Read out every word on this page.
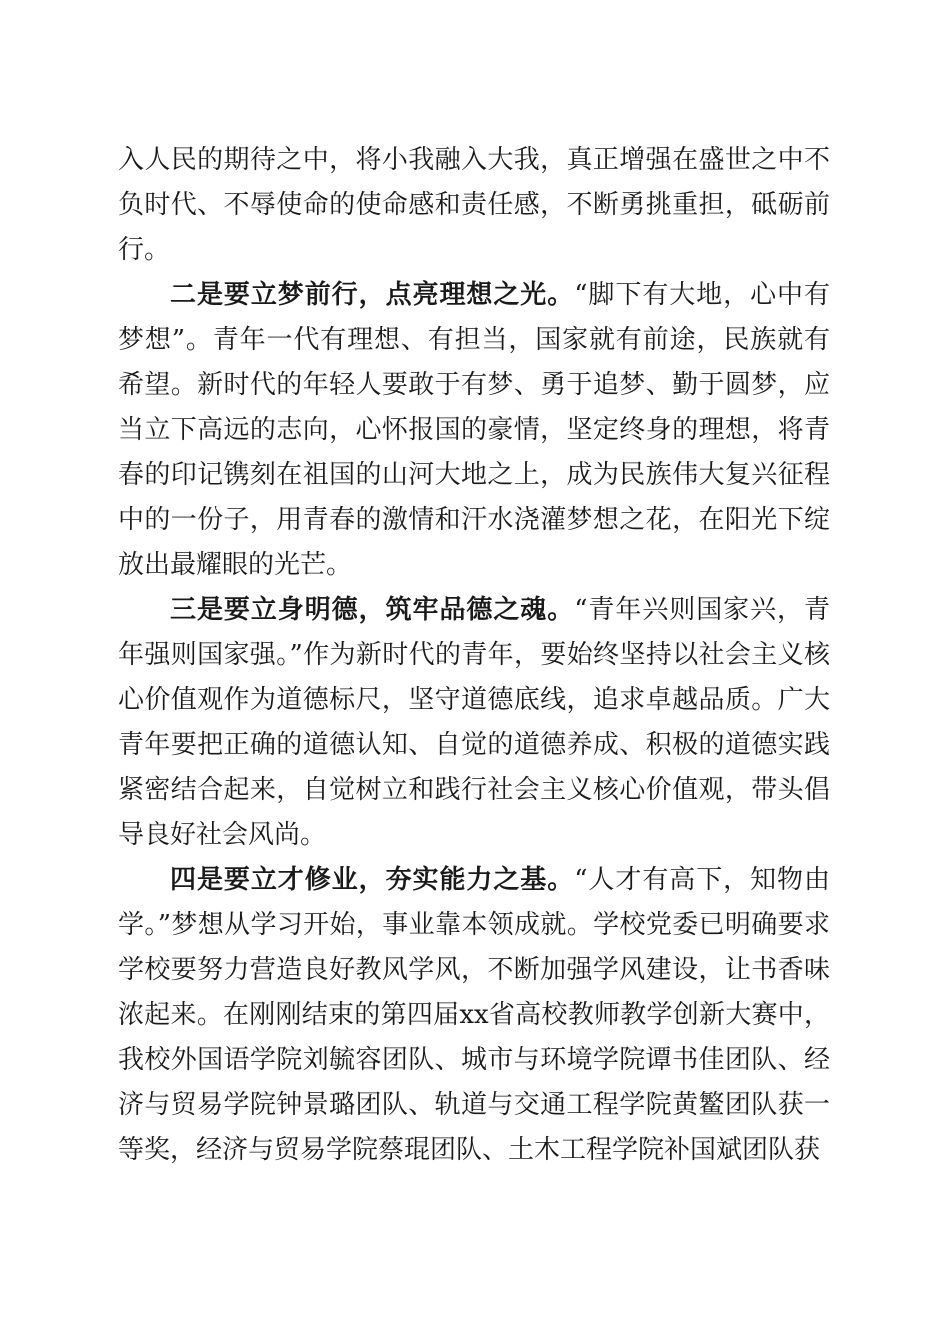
入人民的期待之中，将小我融入大我，真正增强在盛世之中不负时代、不辱使命的使命感和责任感，不断勇挑重担，砥砺前行。

二是要立梦前行，点亮理想之光。“脚下有大地，心中有梦想”。青年一代有理想、有担当，国家就有前途，民族就有希望。新时代的年轻人要敢于有梦、勇于追梦、勤于圆梦，应当立下高远的志向，心怀报国的豪情，坚定终身的理想，将青春的印记镌刻在祖国的山河大地之上，成为民族伟大复兴征程中的一份子，用青春的激情和汗水浇灌梦想之花，在阳光下绽放出最耀眼的光芒。

三是要立身明德，筑牢品德之魂。“青年兴则国家兴，青年强则国家强。”作为新时代的青年，要始终坚持以社会主义核心价值观作为道德标尺，坚守道德底线，追求卓越品质。广大青年要把正确的道德认知、自觉的道德养成、积极的道德实践紧密结合起来，自觉树立和践行社会主义核心价值观，带头倡导良好社会风尚。

四是要立才修业，夯实能力之基。“人才有高下，知物由学。”梦想从学习开始，事业靠本领成就。学校党委已明确要求学校要努力营造良好教风学风，不断加强学风建设，让书香味浓起来。在刚刚结束的第四届xx省高校教师教学创新大赛中，我校外国语学院刘毓容团队、城市与环境学院谭书佳团队、经济与贸易学院钟景璐团队、轨道与交通工程学院黄鳘团队获一等奖，经济与贸易学院蔡琨团队、土木工程学院补国斌团队获
